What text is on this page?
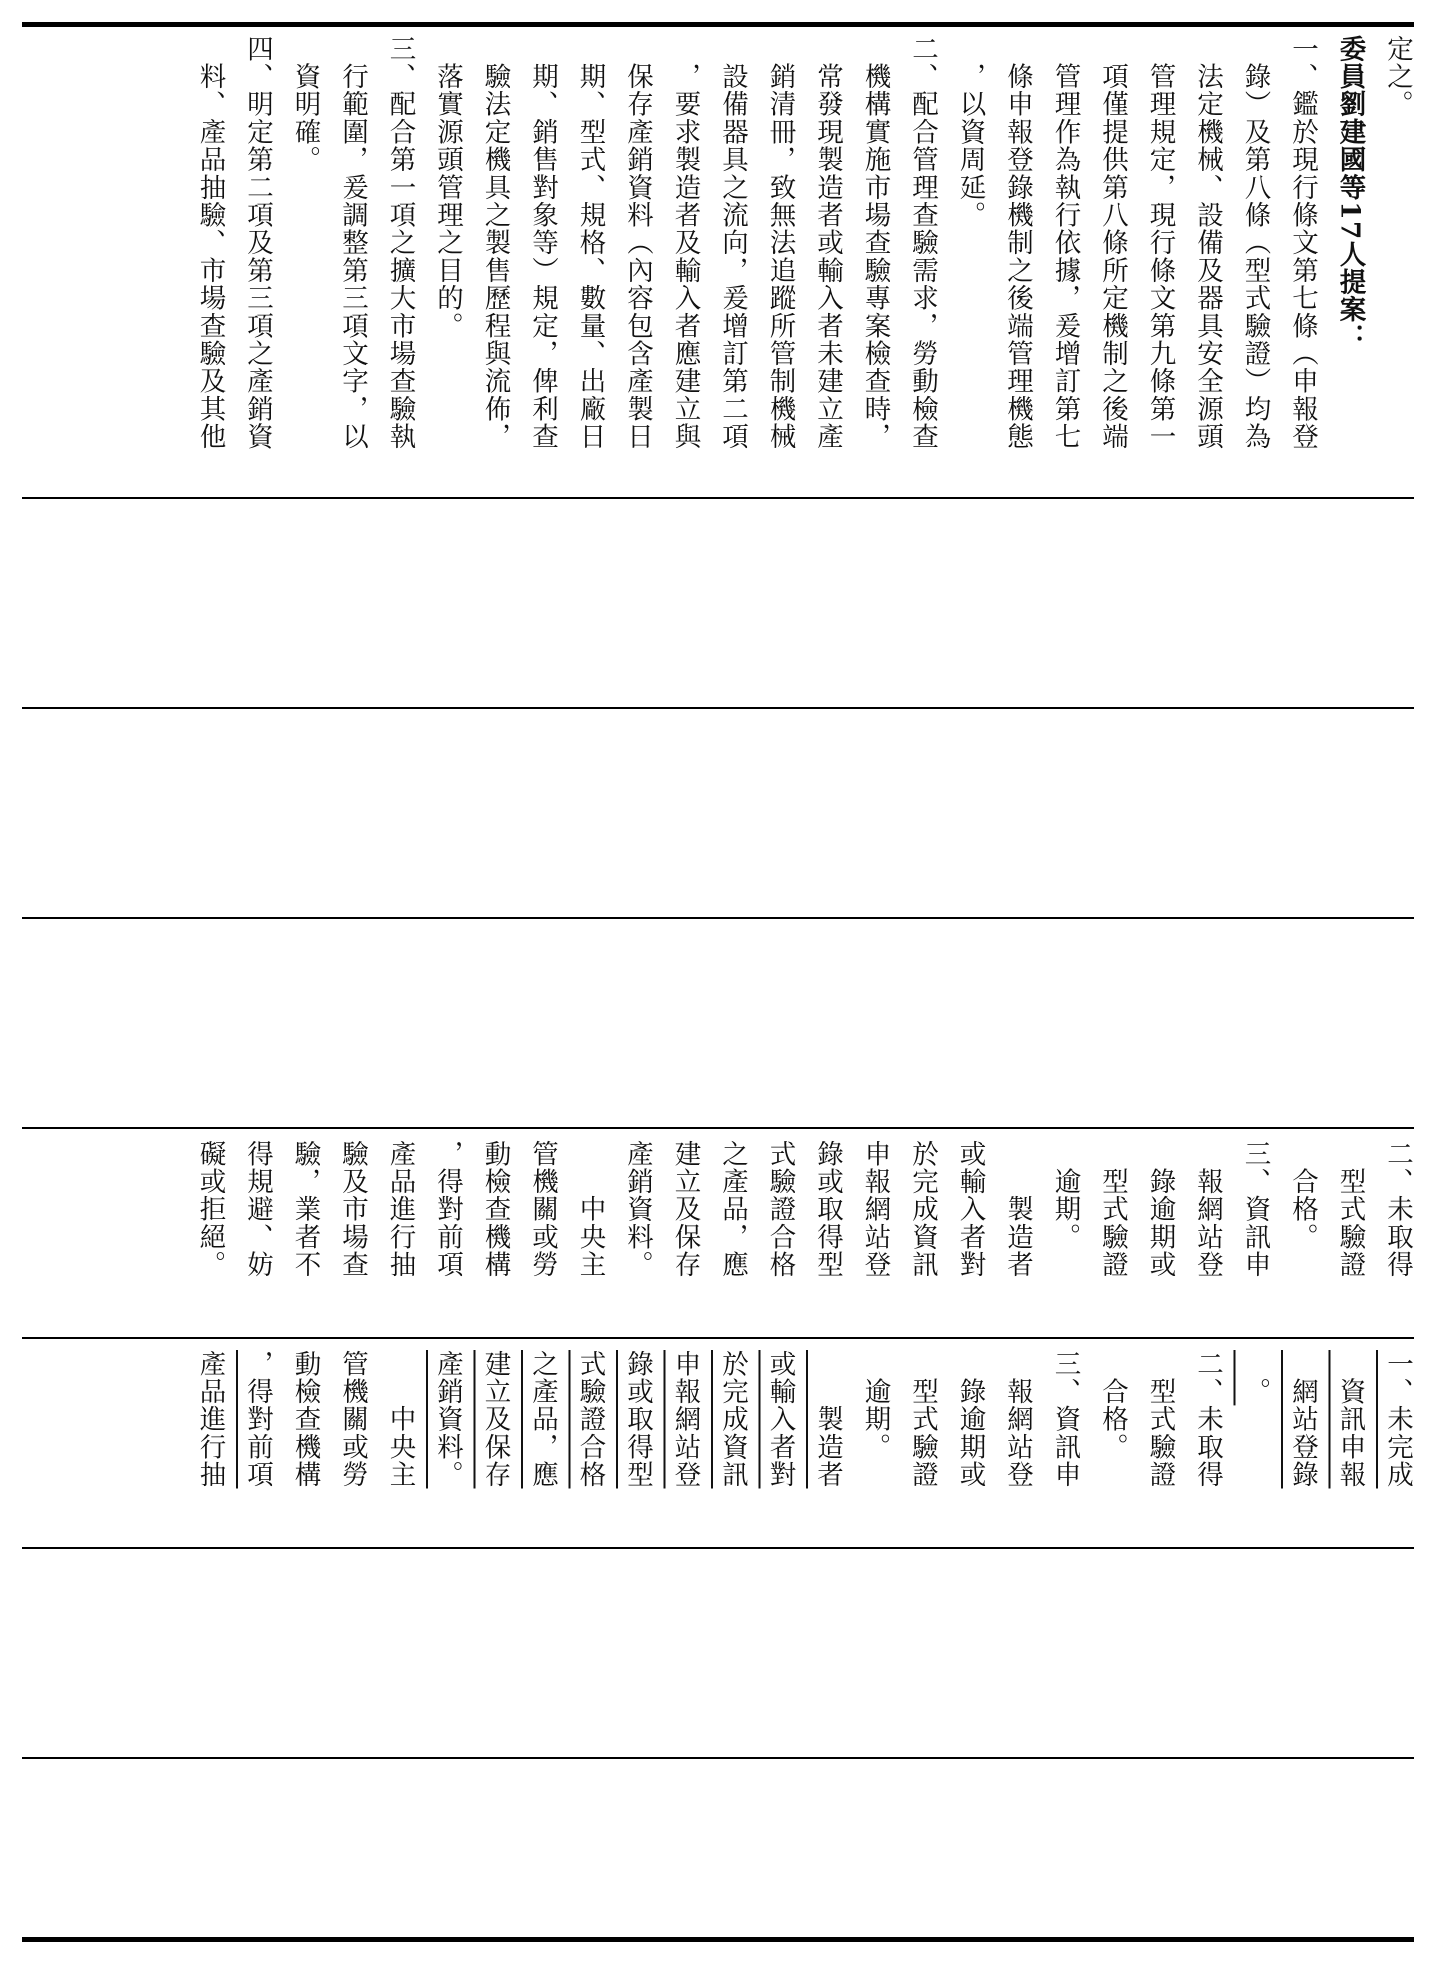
定之。
委員劉建國等17人提案：
一、鑑於現行條文第七條（申報登
　錄）及第八條（型式驗證）均為
　法定機械、設備及器具安全源頭
　管理規定，現行條文第九條第一
　項僅提供第八條所定機制之後端
　管理作為執行依據，爰增訂第七
　條申報登錄機制之後端管理機態
　，以資周延。
二、配合管理查驗需求，勞動檢查
　機構實施市場查驗專案檢查時，
　常發現製造者或輸入者未建立產
　銷清冊，致無法追蹤所管制機械
　設備器具之流向，爰增訂第二項
　，要求製造者及輸入者應建立與
　保存產銷資料（內容包含產製日
　期、型式、規格、數量、出廠日
　期、銷售對象等）規定，俾利查
　驗法定機具之製售歷程與流佈，
　落實源頭管理之目的。
三、配合第一項之擴大市場查驗執
　行範圍，爰調整第三項文字，以
　資明確。
四、明定第二項及第三項之產銷資
　料、產品抽驗、市場查驗及其他
二、未取得
　型式驗證
　合格。
三、資訊申
　報網站登
　錄逾期或
　型式驗證
　逾期。
　　製造者
或輸入者對
於完成資訊
申報網站登
錄或取得型
式驗證合格
之產品，應
建立及保存
產銷資料。
　　中央主
管機關或勞
動檢查機構
，得對前項
產品進行抽
驗及市場查
驗，業者不
得規避、妨
礙或拒絕。
一、未完成
　資訊申報
　網站登錄
　。
二、未取得
　型式驗證
　合格。
三、資訊申
　報網站登
　錄逾期或
　型式驗證
　逾期。
　　製造者
或輸入者對
於完成資訊
申報網站登
錄或取得型
式驗證合格
之產品，應
建立及保存
產銷資料。
　　中央主
管機關或勞
動檢查機構
，得對前項
產品進行抽
